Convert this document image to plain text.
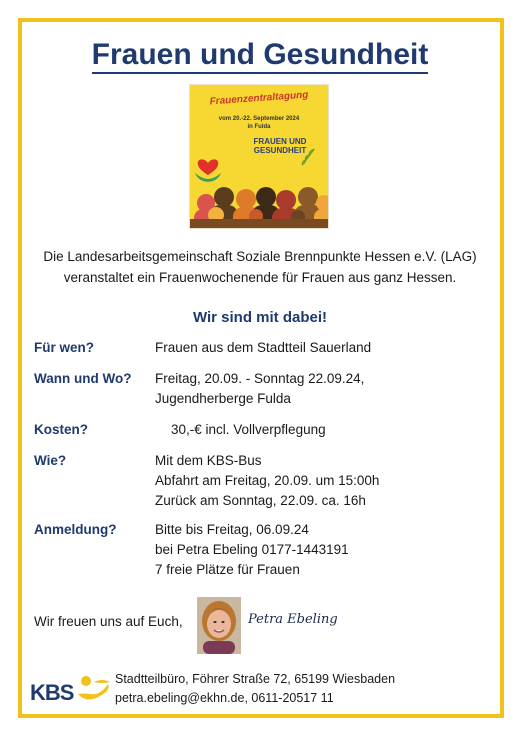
Frauen und Gesundheit
Frauenzentraltagung
vom 20.-22. September 2024
in Fulda
FRAUEN UND
GESUNDHEIT
Die Landesarbeitsgemeinschaft Soziale Brennpunkte Hessen e.V. (LAG)
veranstaltet ein Frauenwochenende für Frauen aus ganz Hessen.
Wir sind mit dabei!
Für wen?	Frauen aus dem Stadtteil Sauerland
Wann und Wo?	Freitag, 20.09. - Sonntag 22.09.24,
Jugendherberge Fulda
Kosten?	30,-€ incl. Vollverpflegung
Wie?	Mit dem KBS-Bus
Abfahrt am Freitag, 20.09. um 15:00h
Zurück am Sonntag, 22.09. ca. 16h
Anmeldung?	Bitte bis Freitag, 06.09.24
bei Petra Ebeling 0177-1443191
7 freie Plätze für Frauen
Wir freuen uns auf Euch,	Petra Ebeling
KBS
Stadtteilbüro, Föhrer Straße 72, 65199 Wiesbaden
petra.ebeling@ekhn.de, 0611-20517 11
